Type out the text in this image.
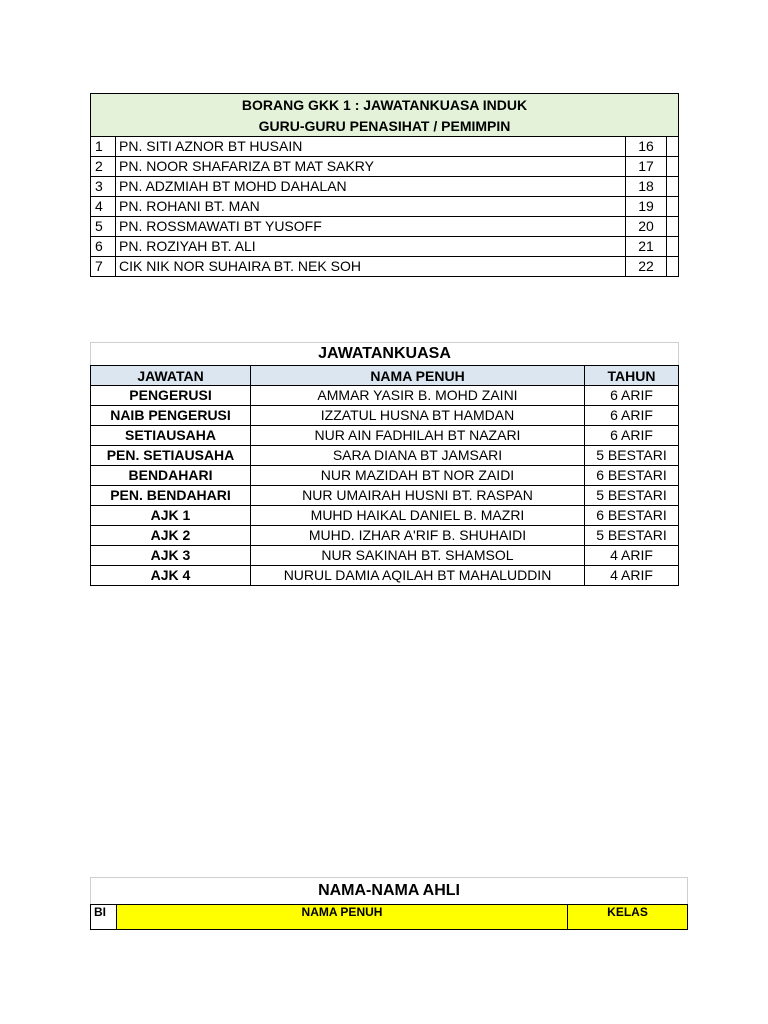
BORANG GKK 1 : JAWATANKUASA INDUK			
GURU-GURU PENASIHAT / PEMIMPIN			
1	PN. SITI AZNOR BT HUSAIN	16	
2	PN. NOOR SHAFARIZA BT MAT SAKRY	17	
3	PN. ADZMIAH BT MOHD DAHALAN	18	
4	PN. ROHANI BT. MAN	19	
5	PN. ROSSMAWATI BT YUSOFF	20	
6	PN. ROZIYAH BT. ALI	21	
7	CIK NIK NOR SUHAIRA BT. NEK SOH	22	
JAWATANKUASA		
JAWATAN	NAMA PENUH	TAHUN
PENGERUSI	AMMAR YASIR B. MOHD ZAINI	6 ARIF
NAIB PENGERUSI	IZZATUL HUSNA BT HAMDAN	6 ARIF
SETIAUSAHA	NUR AIN FADHILAH BT NAZARI	6 ARIF
PEN. SETIAUSAHA	SARA DIANA BT JAMSARI	5 BESTARI
BENDAHARI	NUR MAZIDAH BT NOR ZAIDI	6 BESTARI
PEN. BENDAHARI	NUR UMAIRAH HUSNI BT. RASPAN	5 BESTARI
AJK 1	MUHD HAIKAL DANIEL B. MAZRI	6 BESTARI
AJK 2	MUHD. IZHAR A'RIF B. SHUHAIDI	5 BESTARI
AJK 3	NUR SAKINAH BT. SHAMSOL	4 ARIF
AJK 4	NURUL DAMIA AQILAH BT MAHALUDDIN	4 ARIF
NAMA-NAMA AHLI
BI	NAMA PENUH	KELAS
